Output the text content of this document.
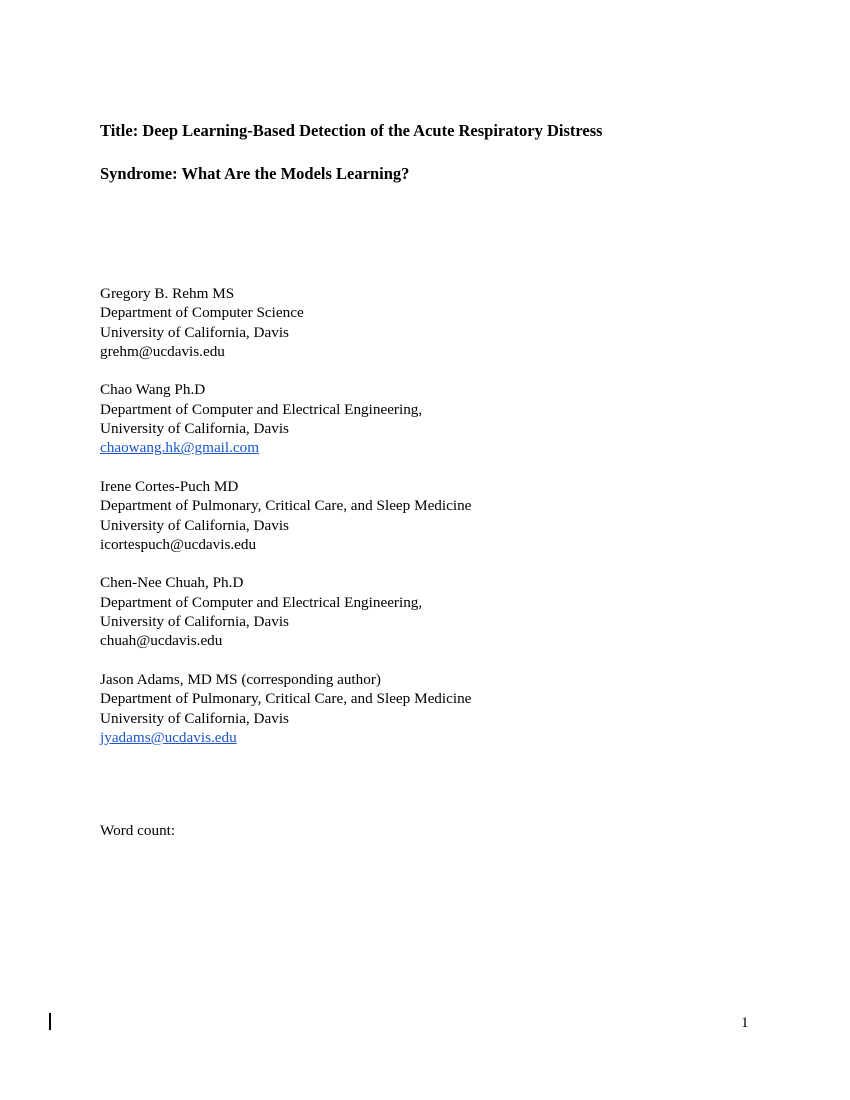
Title: Deep Learning-Based Detection of the Acute Respiratory Distress
Syndrome: What Are the Models Learning?
Gregory B. Rehm MS
Department of Computer Science
University of California, Davis
grehm@ucdavis.edu
Chao Wang Ph.D
Department of Computer and Electrical Engineering,
University of California, Davis
chaowang.hk@gmail.com
Irene Cortes-Puch MD
Department of Pulmonary, Critical Care, and Sleep Medicine
University of California, Davis
icortespuch@ucdavis.edu
Chen-Nee Chuah, Ph.D
Department of Computer and Electrical Engineering,
University of California, Davis
chuah@ucdavis.edu
Jason Adams, MD MS (corresponding author)
Department of Pulmonary, Critical Care, and Sleep Medicine
University of California, Davis
jyadams@ucdavis.edu
Word count:
1
